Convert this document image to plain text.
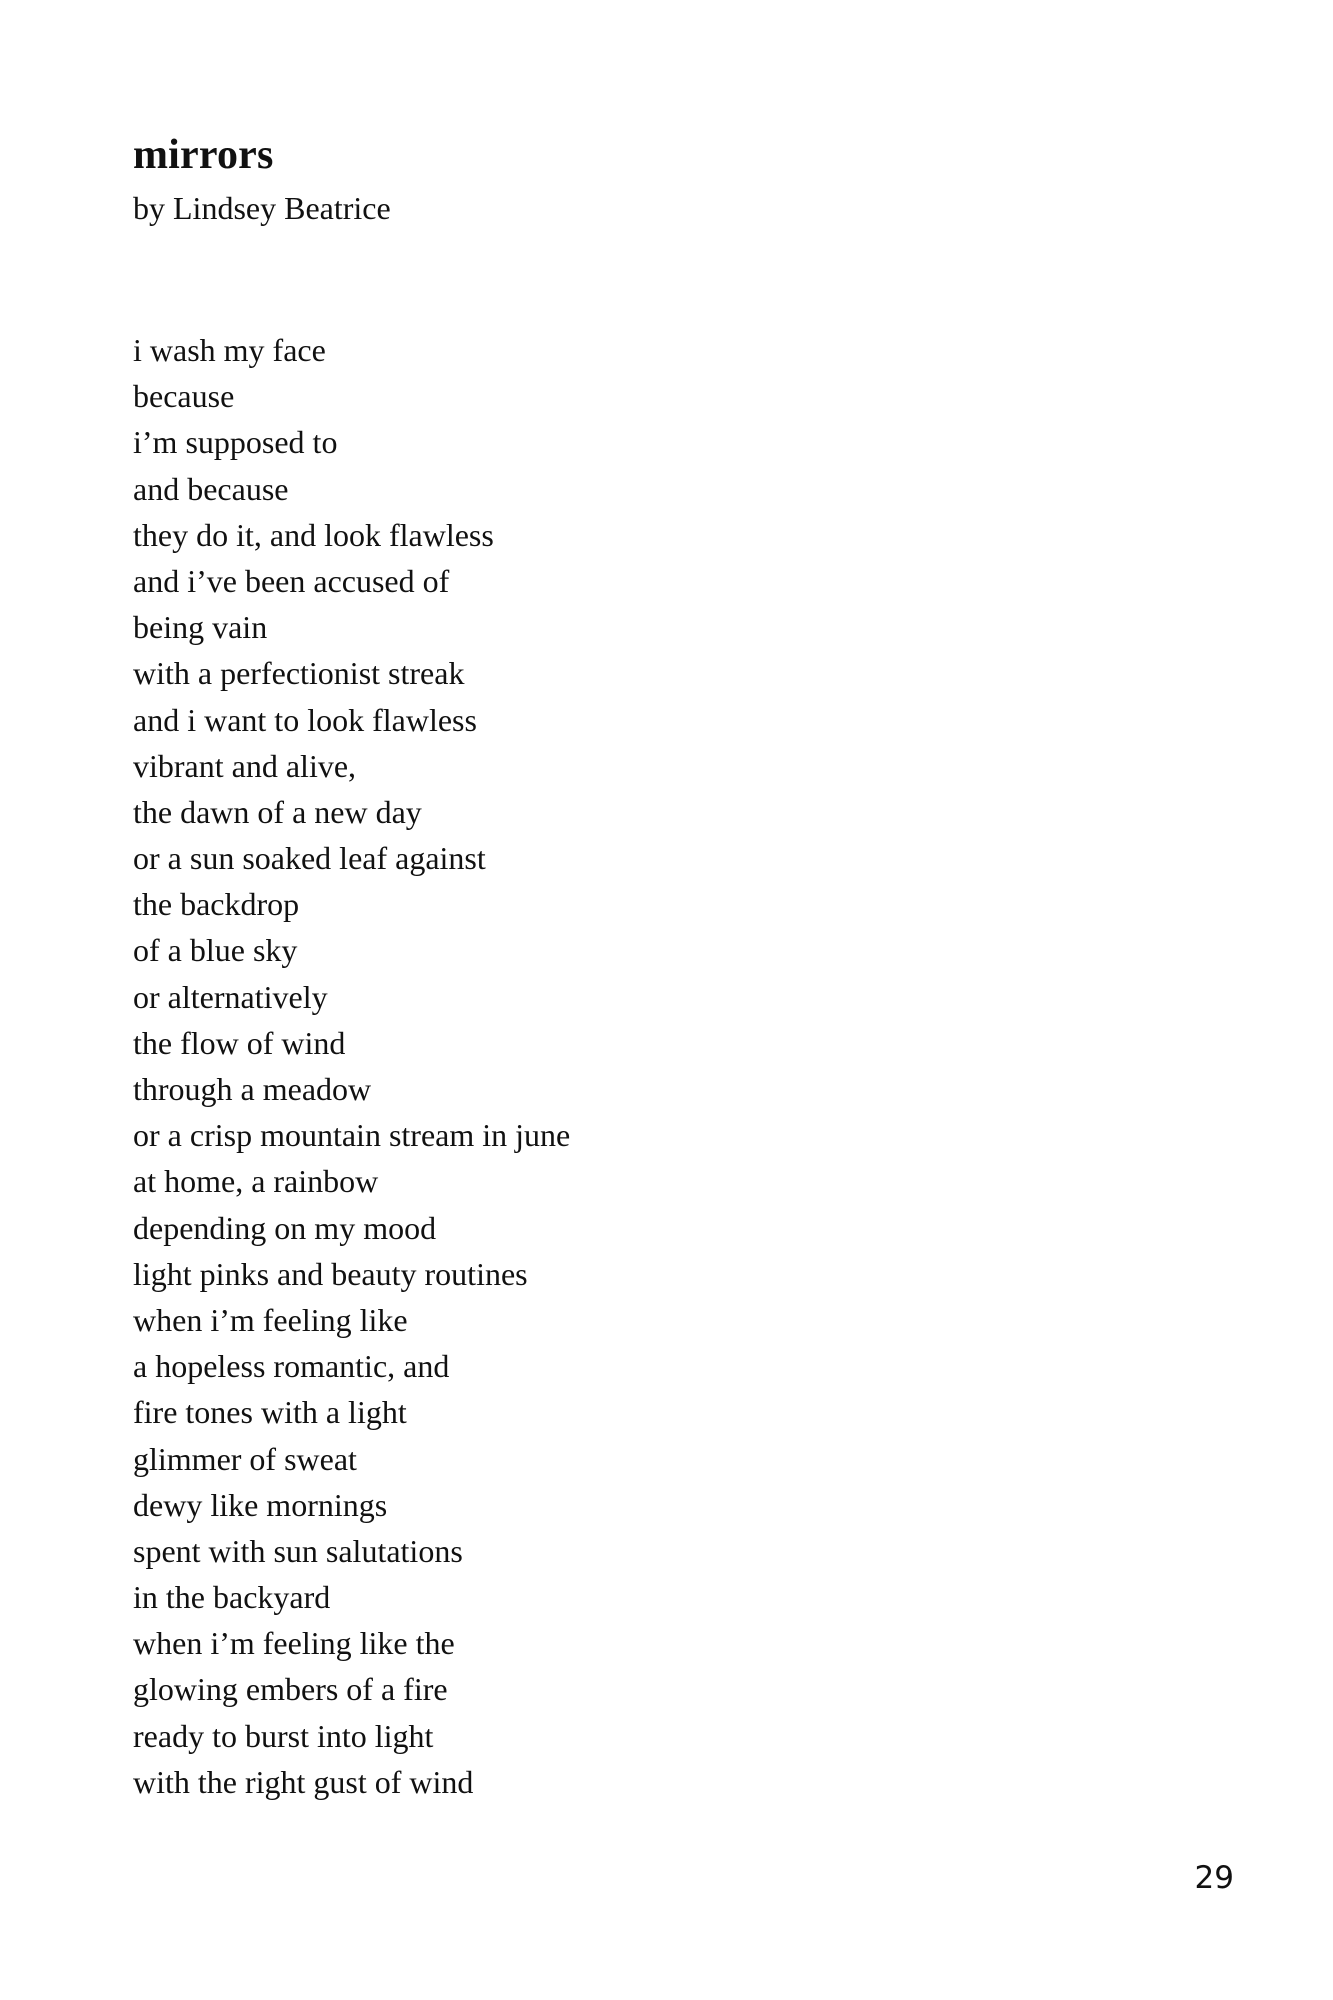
mirrors

by Lindsey Beatrice

i wash my face
because
i’m supposed to
and because
they do it, and look flawless
and i’ve been accused of
being vain
with a perfectionist streak
and i want to look flawless
vibrant and alive,
the dawn of a new day
or a sun soaked leaf against
the backdrop
of a blue sky
or alternatively
the flow of wind
through a meadow
or a crisp mountain stream in june
at home, a rainbow
depending on my mood
light pinks and beauty routines
when i’m feeling like
a hopeless romantic, and
fire tones with a light
glimmer of sweat
dewy like mornings
spent with sun salutations
in the backyard
when i’m feeling like the
glowing embers of a fire
ready to burst into light
with the right gust of wind

29
